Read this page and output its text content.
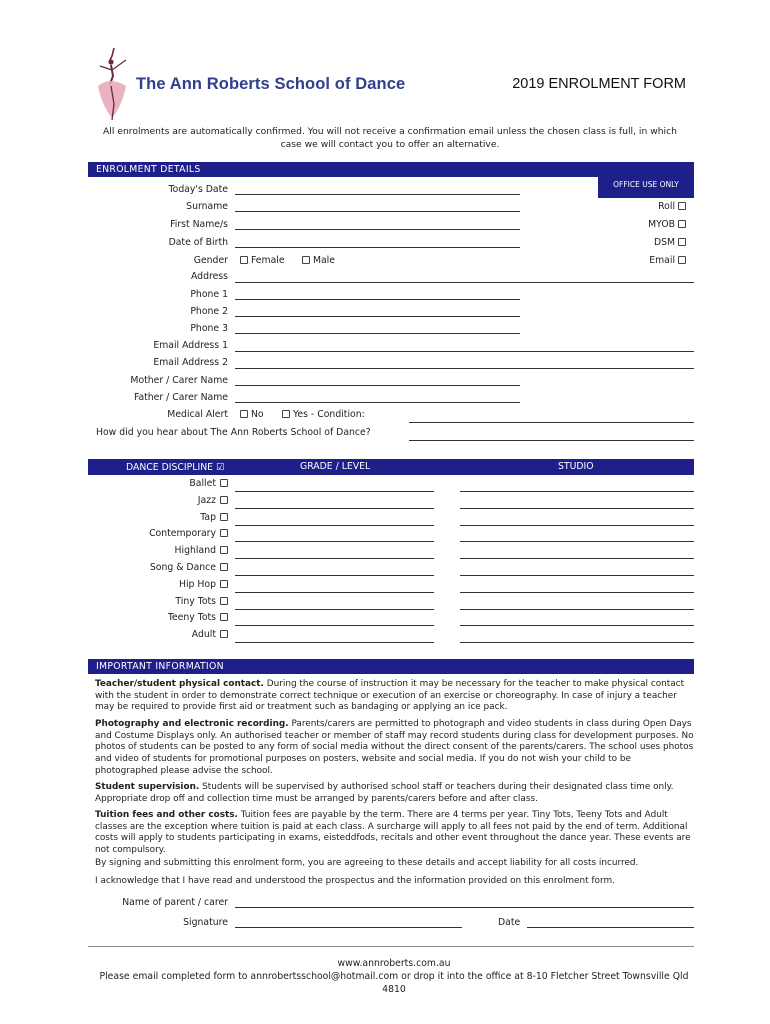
The Ann Roberts School of Dance	2019 ENROLMENT FORM
All enrolments are automatically confirmed. You will not receive a confirmation email unless the chosen class is full, in which
case we will contact you to offer an alternative.
ENROLMENT DETAILS
OFFICE USE ONLY
Today's Date
Surname
First Name/s
Date of Birth
Gender	Female	Male
Address
Phone 1
Phone 2
Phone 3
Email Address 1
Email Address 2
Mother / Carer Name
Father / Carer Name
Medical Alert	No	Yes - Condition:
How did you hear about The Ann Roberts School of Dance?
Roll
MYOB
DSM
Email
DANCE DISCIPLINE ☑	GRADE / LEVEL	STUDIO
Ballet
Jazz
Tap
Contemporary
Highland
Song & Dance
Hip Hop
Tiny Tots
Teeny Tots
Adult
IMPORTANT INFORMATION
Teacher/student physical contact. During the course of instruction it may be necessary for the teacher to make physical contact with the student in order to demonstrate correct technique or execution of an exercise or choreography. In case of injury a teacher may be required to provide first aid or treatment such as bandaging or applying an ice pack.
Photography and electronic recording. Parents/carers are permitted to photograph and video students in class during Open Days and Costume Displays only. An authorised teacher or member of staff may record students during class for development purposes. No photos of students can be posted to any form of social media without the direct consent of the parents/carers. The school uses photos and video of students for promotional purposes on posters, website and social media. If you do not wish your child to be photographed please advise the school.
Student supervision. Students will be supervised by authorised school staff or teachers during their designated class time only. Appropriate drop off and collection time must be arranged by parents/carers before and after class.
Tuition fees and other costs. Tuition fees are payable by the term. There are 4 terms per year. Tiny Tots, Teeny Tots and Adult classes are the exception where tuition is paid at each class. A surcharge will apply to all fees not paid by the end of term. Additional costs will apply to students participating in exams, eisteddfods, recitals and other event throughout the dance year. These events are not compulsory.
By signing and submitting this enrolment form, you are agreeing to these details and accept liability for all costs incurred.
I acknowledge that I have read and understood the prospectus and the information provided on this enrolment form.
Name of parent / carer
Signature	Date
www.annroberts.com.au
Please email completed form to annrobertsschool@hotmail.com or drop it into the office at 8-10 Fletcher Street Townsville Qld 4810
